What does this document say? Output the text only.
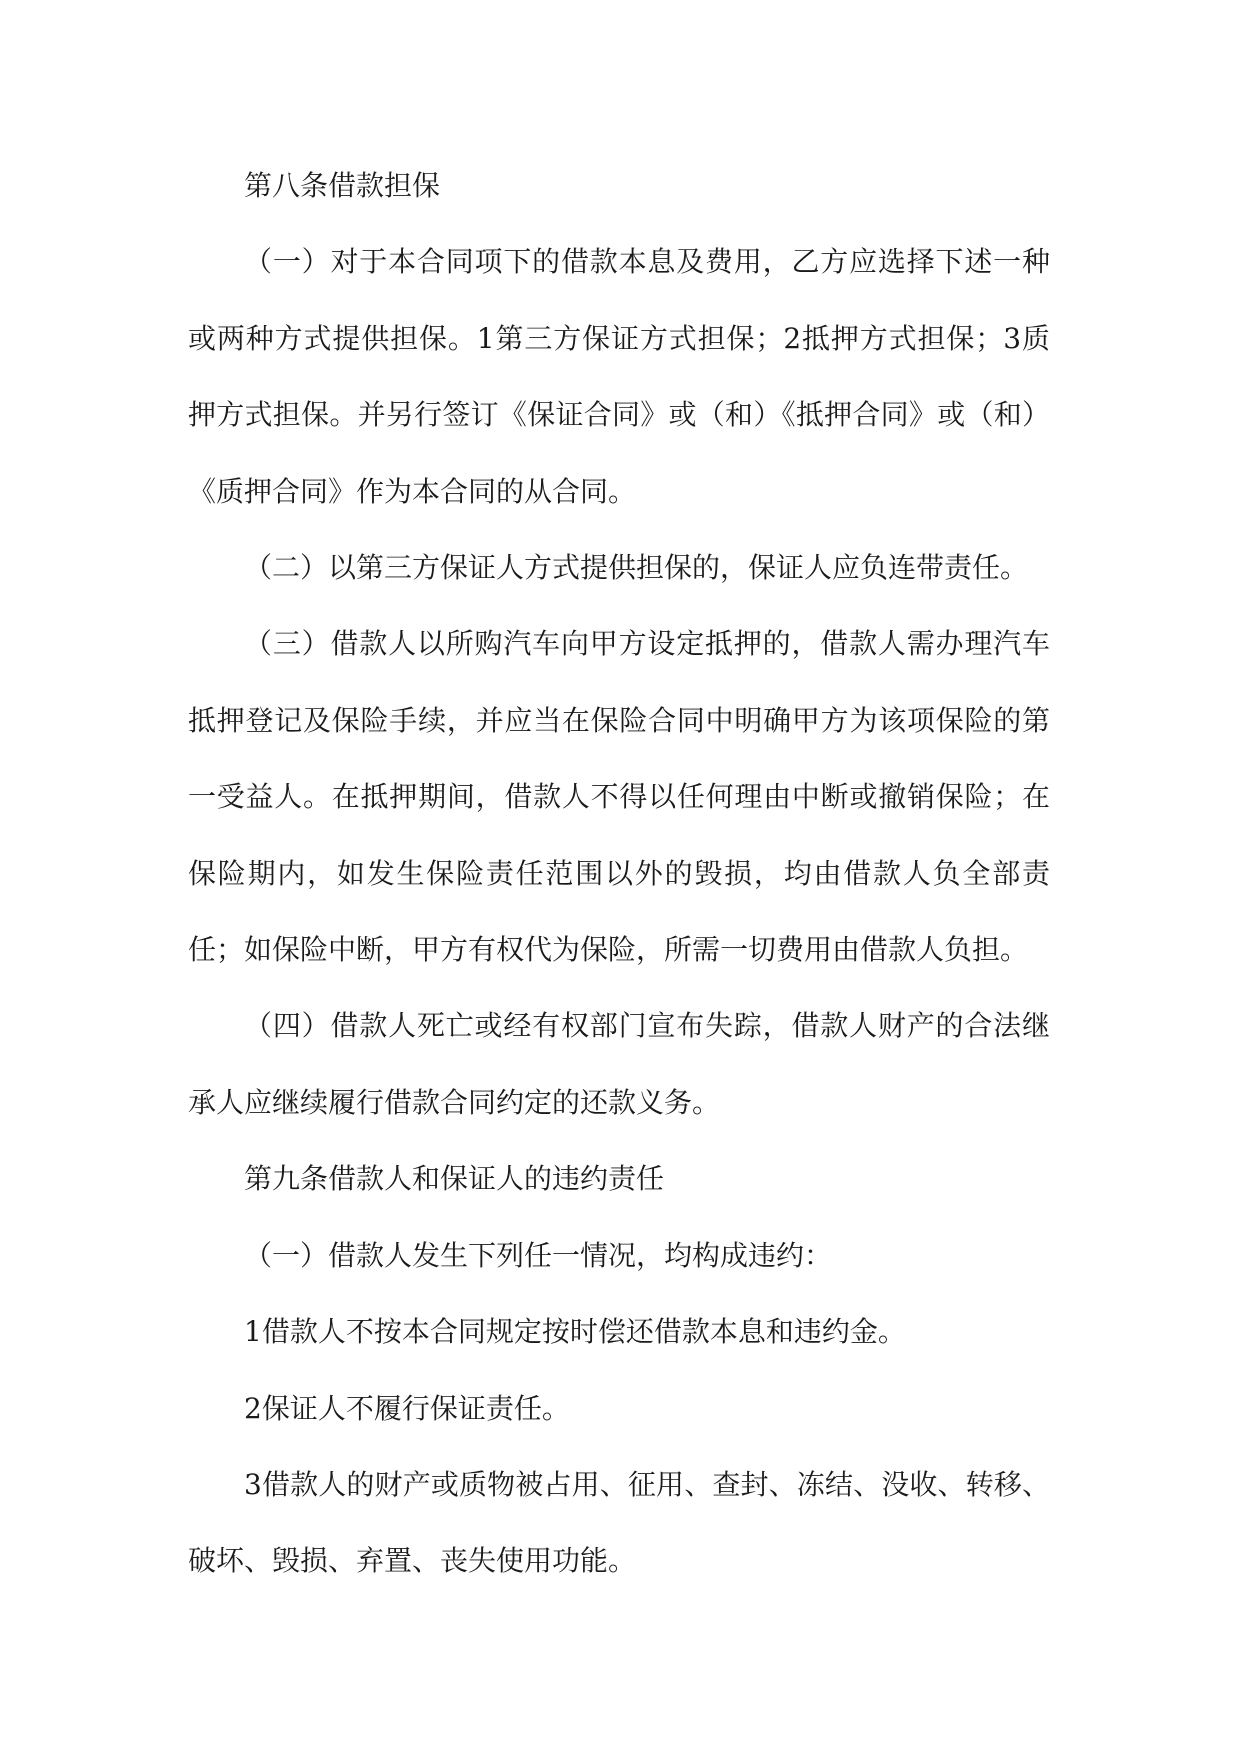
第八条借款担保

（一）对于本合同项下的借款本息及费用，乙方应选择下述一种或两种方式提供担保。1第三方保证方式担保；2抵押方式担保；3质押方式担保。并另行签订《保证合同》或（和）《抵押合同》或（和）《质押合同》作为本合同的从合同。

（二）以第三方保证人方式提供担保的，保证人应负连带责任。

（三）借款人以所购汽车向甲方设定抵押的，借款人需办理汽车抵押登记及保险手续，并应当在保险合同中明确甲方为该项保险的第一受益人。在抵押期间，借款人不得以任何理由中断或撤销保险；在保险期内，如发生保险责任范围以外的毁损，均由借款人负全部责任；如保险中断，甲方有权代为保险，所需一切费用由借款人负担。

（四）借款人死亡或经有权部门宣布失踪，借款人财产的合法继承人应继续履行借款合同约定的还款义务。

第九条借款人和保证人的违约责任

（一）借款人发生下列任一情况，均构成违约：

1借款人不按本合同规定按时偿还借款本息和违约金。

2保证人不履行保证责任。

3借款人的财产或质物被占用、征用、查封、冻结、没收、转移、破坏、毁损、弃置、丧失使用功能。
